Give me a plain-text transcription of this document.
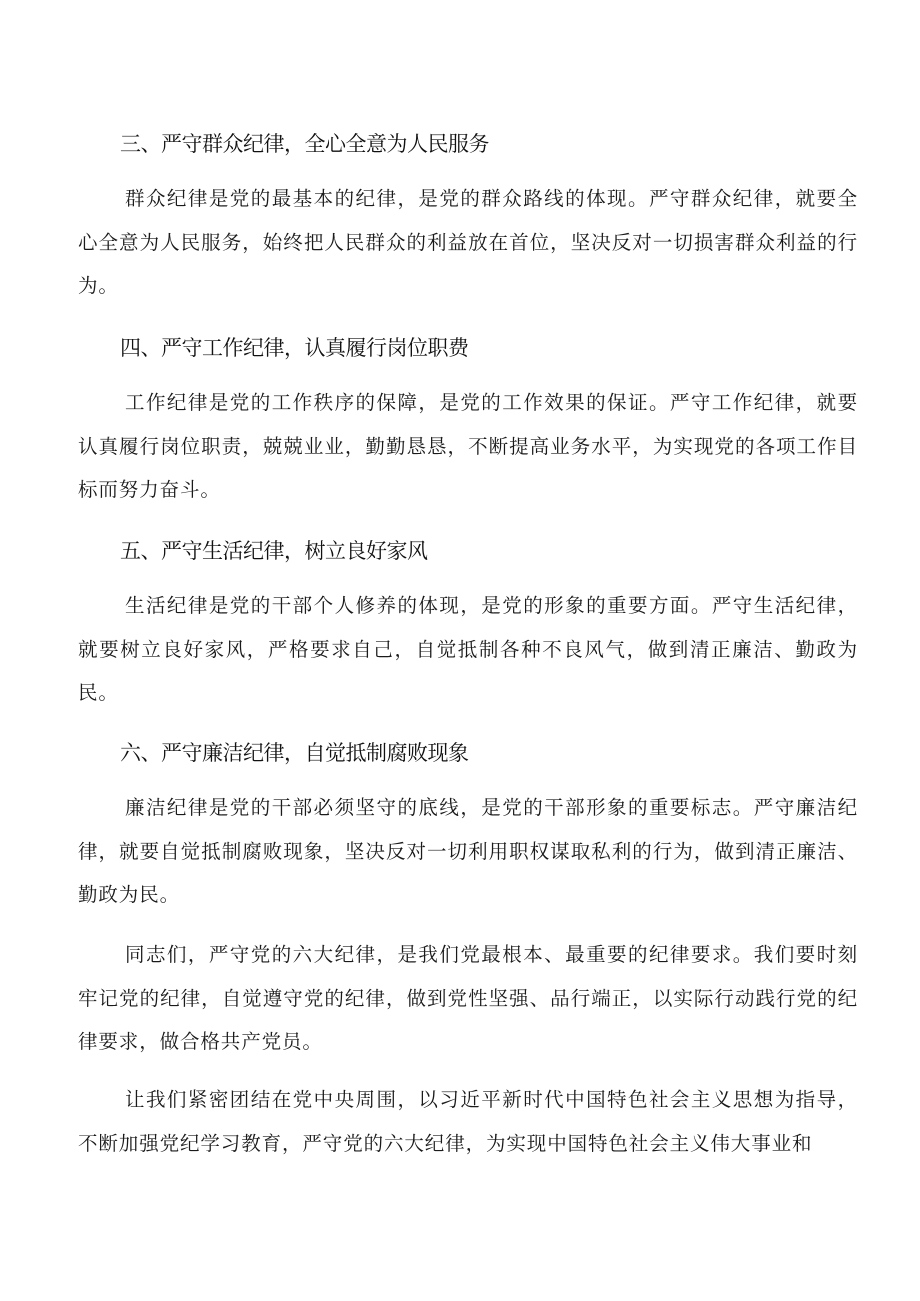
三、严守群众纪律，全心全意为人民服务

群众纪律是党的最基本的纪律，是党的群众路线的体现。严守群众纪律，就要全心全意为人民服务，始终把人民群众的利益放在首位，坚决反对一切损害群众利益的行为。

四、严守工作纪律，认真履行岗位职费

工作纪律是党的工作秩序的保障，是党的工作效果的保证。严守工作纪律，就要认真履行岗位职责，兢兢业业，勤勤恳恳，不断提高业务水平，为实现党的各项工作目标而努力奋斗。

五、严守生活纪律，树立良好家风

生活纪律是党的干部个人修养的体现，是党的形象的重要方面。严守生活纪律，就要树立良好家风，严格要求自己，自觉抵制各种不良风气，做到清正廉洁、勤政为民。

六、严守廉洁纪律，自觉抵制腐败现象

廉洁纪律是党的干部必须坚守的底线，是党的干部形象的重要标志。严守廉洁纪律，就要自觉抵制腐败现象，坚决反对一切利用职权谋取私利的行为，做到清正廉洁、勤政为民。

同志们，严守党的六大纪律，是我们党最根本、最重要的纪律要求。我们要时刻牢记党的纪律，自觉遵守党的纪律，做到党性坚强、品行端正，以实际行动践行党的纪律要求，做合格共产党员。

让我们紧密团结在党中央周围，以习近平新时代中国特色社会主义思想为指导，不断加强党纪学习教育，严守党的六大纪律，为实现中国特色社会主义伟大事业和
